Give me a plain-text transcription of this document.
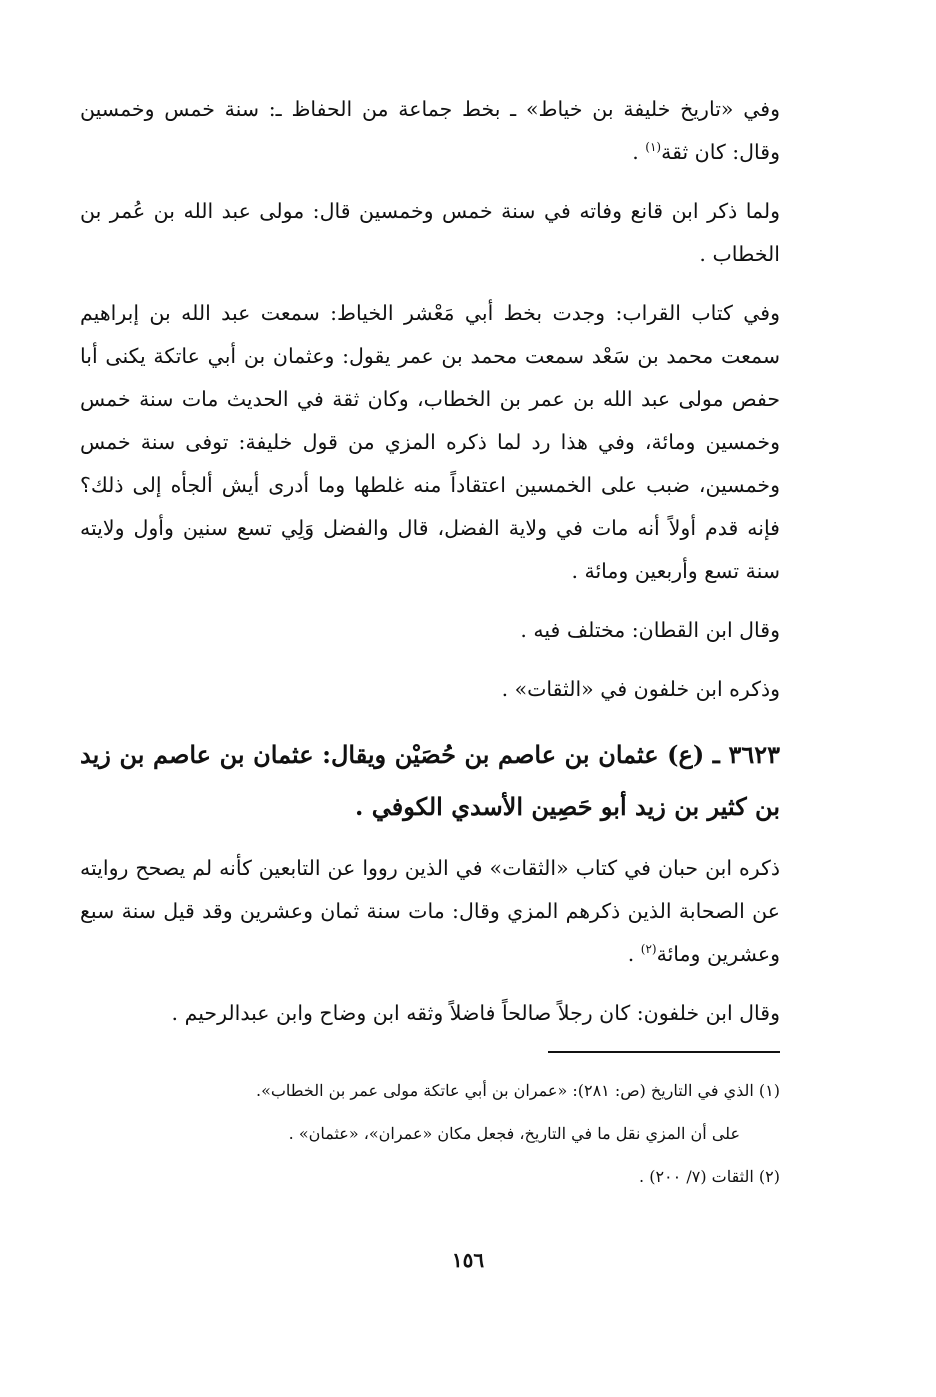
وفي «تاريخ خليفة بن خياط» ـ بخط جماعة من الحفاظ ـ: سنة خمس وخمسين وقال: كان ثقة$^{(١)}$ .

ولما ذكر ابن قانع وفاته في سنة خمس وخمسين قال: مولى عبد الله بن عُمر بن الخطاب .

وفي كتاب القراب: وجدت بخط أبي مَعْشر الخياط: سمعت عبد الله بن إبراهيم سمعت محمد بن سَعْد سمعت محمد بن عمر يقول: وعثمان بن أبي عاتكة يكنى أبا حفص مولى عبد الله بن عمر بن الخطاب، وكان ثقة في الحديث مات سنة خمس وخمسين ومائة، وفي هذا رد لما ذكره المزي من قول خليفة: توفى سنة خمس وخمسين، ضبب على الخمسين اعتقاداً منه غلطها وما أدرى أيش ألجأه إلى ذلك؟ فإنه قدم أولاً أنه مات في ولاية الفضل، قال والفضل وَلِي تسع سنين وأول ولايته سنة تسع وأربعين ومائة .

وقال ابن القطان: مختلف فيه .

وذكره ابن خلفون في «الثقات» .

٣٦٢٣ ـ (ع) عثمان بن عاصم بن حُصَيْن ويقال: عثمان بن عاصم بن زيد بن كثير بن زيد أبو حَصِين الأسدي الكوفي .

ذكره ابن حبان في كتاب «الثقات» في الذين رووا عن التابعين كأنه لم يصحح روايته عن الصحابة الذين ذكرهم المزي وقال: مات سنة ثمان وعشرين وقد قيل سنة سبع وعشرين ومائة$^{(٢)}$ .

وقال ابن خلفون: كان رجلاً صالحاً فاضلاً وثقه ابن وضاح وابن عبدالرحيم .

(١) الذي في التاريخ (ص: ٢٨١): «عمران بن أبي عاتكة مولى عمر بن الخطاب».

على أن المزي نقل ما في التاريخ، فجعل مكان «عمران»، «عثمان» .

(٢) الثقات (٧/ ٢٠٠) .

١٥٦
